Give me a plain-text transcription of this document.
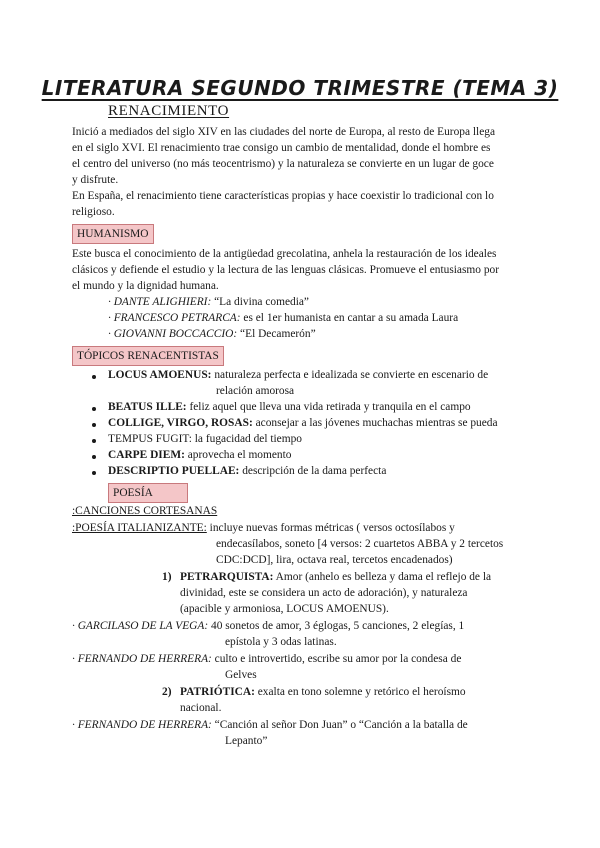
LITERATURA SEGUNDO TRIMESTRE (TEMA 3)
RENACIMIENTO
Inició a mediados del siglo XIV en las ciudades del norte de Europa, al resto de Europa llega
en el siglo XVI. El renacimiento trae consigo un cambio de mentalidad, donde el hombre es
el centro del universo (no más teocentrismo) y la naturaleza se convierte en un lugar de goce
y disfrute.
En España, el renacimiento tiene características propias y hace coexistir lo tradicional con lo
religioso.
HUMANISMO
Este busca el conocimiento de la antigüedad grecolatina, anhela la restauración de los ideales
clásicos y defiende el estudio y la lectura de las lenguas clásicas. Promueve el entusiasmo por
el mundo y la dignidad humana.
· DANTE ALIGHIERI: “La divina comedia”
· FRANCESCO PETRARCA: es el 1er humanista en cantar a su amada Laura
· GIOVANNI BOCCACCIO: “El Decamerón”
TÓPICOS RENACENTISTAS
LOCUS AMOENUS: naturaleza perfecta e idealizada se convierte en escenario de
relación amorosa
BEATUS ILLE: feliz aquel que lleva una vida retirada y tranquila en el campo
COLLIGE, VIRGO, ROSAS: aconsejar a las jóvenes muchachas mientras se pueda
TEMPUS FUGIT: la fugacidad del tiempo
CARPE DIEM: aprovecha el momento
DESCRIPTIO PUELLAE: descripción de la dama perfecta
POESÍA
:CANCIONES CORTESANAS
:POESÍA ITALIANIZANTE: incluye nuevas formas métricas ( versos octosílabos y
endecasílabos, soneto [4 versos: 2 cuartetos ABBA y 2 tercetos
CDC:DCD], lira, octava real, tercetos encadenados)
1) PETRARQUISTA: Amor (anhelo es belleza y dama el reflejo de la
divinidad, este se considera un acto de adoración), y naturaleza
(apacible y armoniosa, LOCUS AMOENUS).
· GARCILASO DE LA VEGA: 40 sonetos de amor, 3 églogas, 5 canciones, 2 elegías, 1
epístola y 3 odas latinas.
· FERNANDO DE HERRERA: culto e introvertido, escribe su amor por la condesa de
Gelves
2) PATRIÓTICA: exalta en tono solemne y retórico el heroísmo
nacional.
· FERNANDO DE HERRERA: “Canción al señor Don Juan” o “Canción a la batalla de
Lepanto”
